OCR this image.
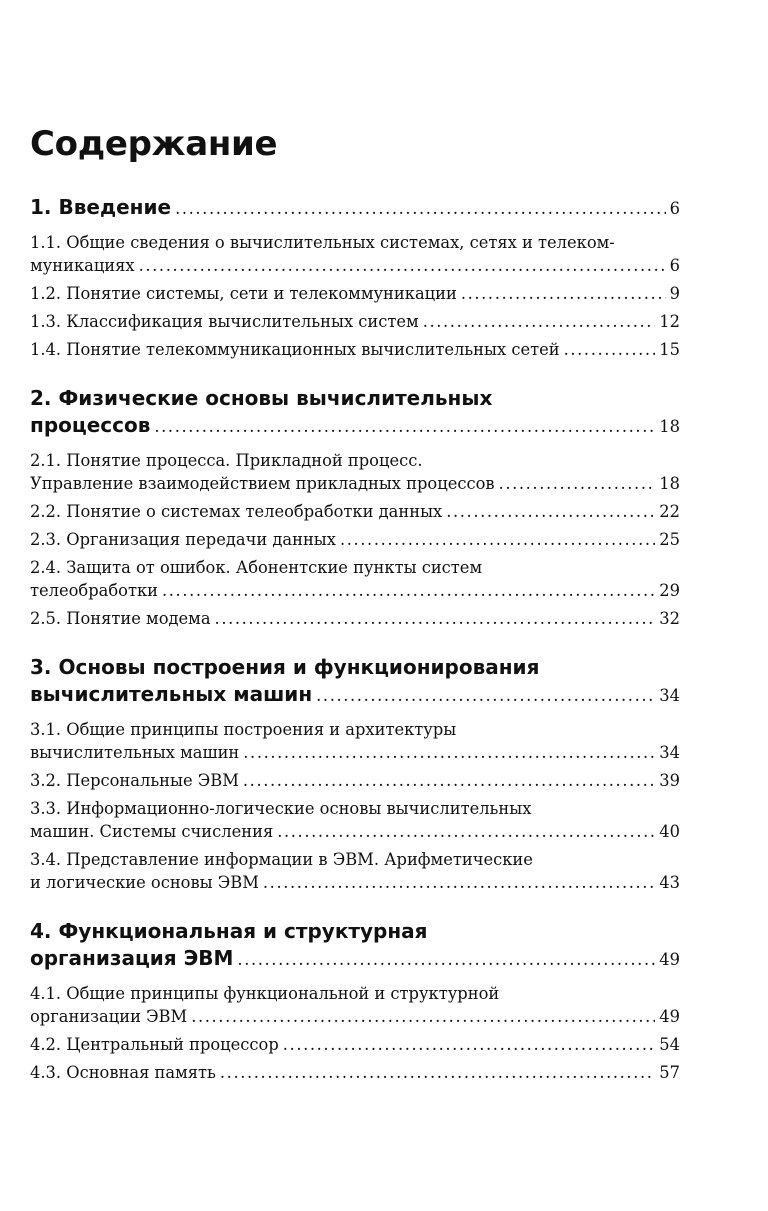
Содержание
1. Введение .....	6
1.1. Общие сведения о вычислительных системах, сетях и телеком-
муникациях .....	6
1.2. Понятие системы, сети и телекоммуникации .....	9
1.3. Классификация вычислительных систем .....	12
1.4. Понятие телекоммуникационных вычислительных сетей .....	15
2. Физические основы вычислительных
процессов .....	18
2.1. Понятие процесса. Прикладной процесс.
Управление взаимодействием прикладных процессов .....	18
2.2. Понятие о системах телеобработки данных .....	22
2.3. Организация передачи данных .....	25
2.4. Защита от ошибок. Абонентские пункты систем
телеобработки .....	29
2.5. Понятие модема .....	32
3. Основы построения и функционирования
вычислительных машин .....	34
3.1. Общие принципы построения и архитектуры
вычислительных машин .....	34
3.2. Персональные ЭВМ .....	39
3.3. Информационно-логические основы вычислительных
машин. Системы счисления .....	40
3.4. Представление информации в ЭВМ. Арифметические
и логические основы ЭВМ .....	43
4. Функциональная и структурная
организация ЭВМ .....	49
4.1. Общие принципы функциональной и структурной
организации ЭВМ .....	49
4.2. Центральный процессор .....	54
4.3. Основная память .....	57
